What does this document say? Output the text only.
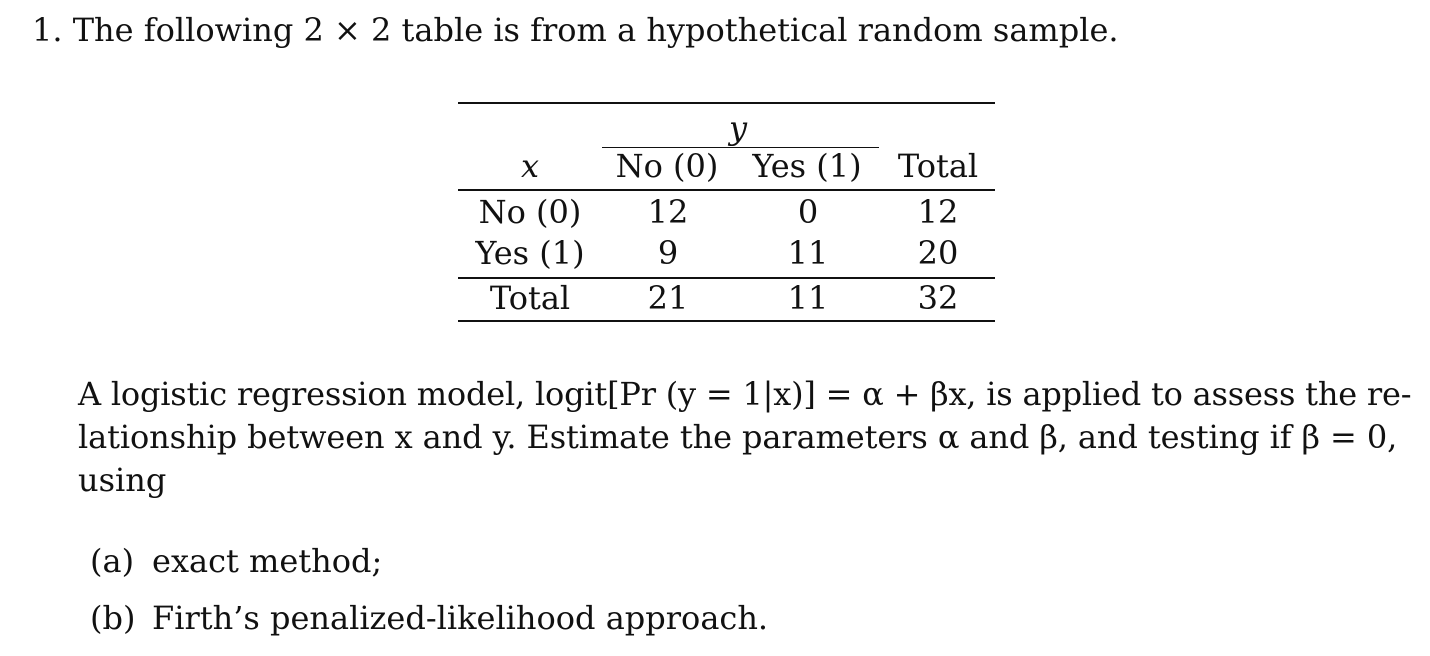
1. The following 2 × 2 table is from a hypothetical random sample.
y
x	No (0)	Yes (1) Total
No (0)	12	0	12
Yes (1)	9	11	20
Total	21	11	32
A logistic regression model, logit[Pr (y = 1|x)] = α + βx, is applied to assess the re-
lationship between x and y. Estimate the parameters α and β, and testing if β = 0,
using
(a) exact method;
(b) Firth’s penalized-likelihood approach.
